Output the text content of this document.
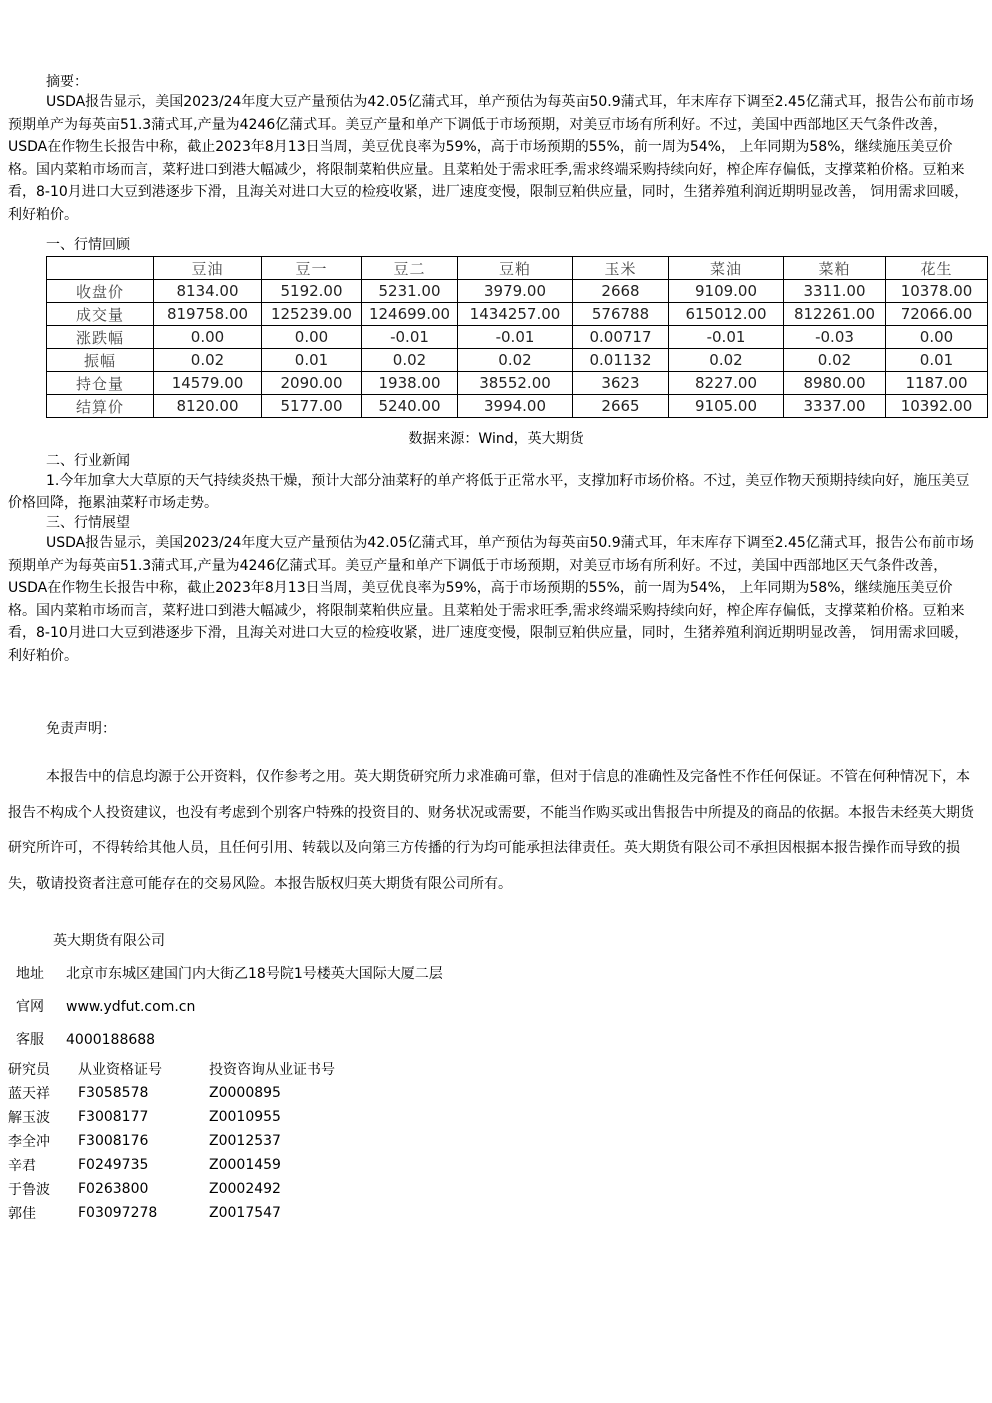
摘要：

USDA报告显示，美国2023/24年度大豆产量预估为42.05亿蒲式耳，单产预估为每英亩50.9蒲式耳，年末库存下调至2.45亿蒲式耳，报告公布前市场预期单产为每英亩51.3蒲式耳,产量为4246亿蒲式耳。美豆产量和单产下调低于市场预期，对美豆市场有所利好。不过，美国中西部地区天气条件改善， USDA在作物生长报告中称，截止2023年8月13日当周，美豆优良率为59%，高于市场预期的55%，前一周为54%， 上年同期为58%，继续施压美豆价格。国内菜粕市场而言，菜籽进口到港大幅减少，将限制菜粕供应量。且菜粕处于需求旺季,需求终端采购持续向好，榨企库存偏低，支撑菜粕价格。豆粕来看，8-10月进口大豆到港逐步下滑，且海关对进口大豆的检疫收紧，进厂速度变慢，限制豆粕供应量，同时，生猪养殖利润近期明显改善， 饲用需求回暖，利好粕价。

一、行情回顾

	豆油	豆一	豆二	豆粕	玉米	菜油	菜粕	花生
收盘价	8134.00	5192.00	5231.00	3979.00	2668	9109.00	3311.00	10378.00
成交量	819758.00	125239.00	124699.00	1434257.00	576788	615012.00	812261.00	72066.00
涨跌幅	0.00	0.00	-0.01	-0.01	0.00717	-0.01	-0.03	0.00
振幅	0.02	0.01	0.02	0.02	0.01132	0.02	0.02	0.01
持仓量	14579.00	2090.00	1938.00	38552.00	3623	8227.00	8980.00	1187.00
结算价	8120.00	5177.00	5240.00	3994.00	2665	9105.00	3337.00	10392.00

数据来源：Wind，英大期货

二、行业新闻

1.今年加拿大大草原的天气持续炎热干燥，预计大部分油菜籽的单产将低于正常水平，支撑加籽市场价格。不过，美豆作物天预期持续向好，施压美豆价格回降，拖累油菜籽市场走势。

三、行情展望

USDA报告显示，美国2023/24年度大豆产量预估为42.05亿蒲式耳，单产预估为每英亩50.9蒲式耳，年末库存下调至2.45亿蒲式耳，报告公布前市场预期单产为每英亩51.3蒲式耳,产量为4246亿蒲式耳。美豆产量和单产下调低于市场预期，对美豆市场有所利好。不过，美国中西部地区天气条件改善， USDA在作物生长报告中称，截止2023年8月13日当周，美豆优良率为59%，高于市场预期的55%，前一周为54%， 上年同期为58%，继续施压美豆价格。国内菜粕市场而言，菜籽进口到港大幅减少，将限制菜粕供应量。且菜粕处于需求旺季,需求终端采购持续向好，榨企库存偏低，支撑菜粕价格。豆粕来看，8-10月进口大豆到港逐步下滑，且海关对进口大豆的检疫收紧，进厂速度变慢，限制豆粕供应量，同时，生猪养殖利润近期明显改善， 饲用需求回暖，利好粕价。

免责声明：

本报告中的信息均源于公开资料，仅作参考之用。英大期货研究所力求准确可靠，但对于信息的准确性及完备性不作任何保证。不管在何种情况下，本报告不构成个人投资建议，也没有考虑到个别客户特殊的投资目的、财务状况或需要，不能当作购买或出售报告中所提及的商品的依据。本报告未经英大期货研究所许可，不得转给其他人员，且任何引用、转载以及向第三方传播的行为均可能承担法律责任。英大期货有限公司不承担因根据本报告操作而导致的损失，敬请投资者注意可能存在的交易风险。本报告版权归英大期货有限公司所有。

英大期货有限公司

地址 北京市东城区建国门内大街乙18号院1号楼英大国际大厦二层

官网 www.ydfut.com.cn

客服 4000188688

研究员	从业资格证号	投资咨询从业证书号
蓝天祥	F3058578	Z0000895
解玉波	F3008177	Z0010955
李全冲	F3008176	Z0012537
辛君	F0249735	Z0001459
于鲁波	F0263800	Z0002492
郭佳	F03097278	Z0017547
